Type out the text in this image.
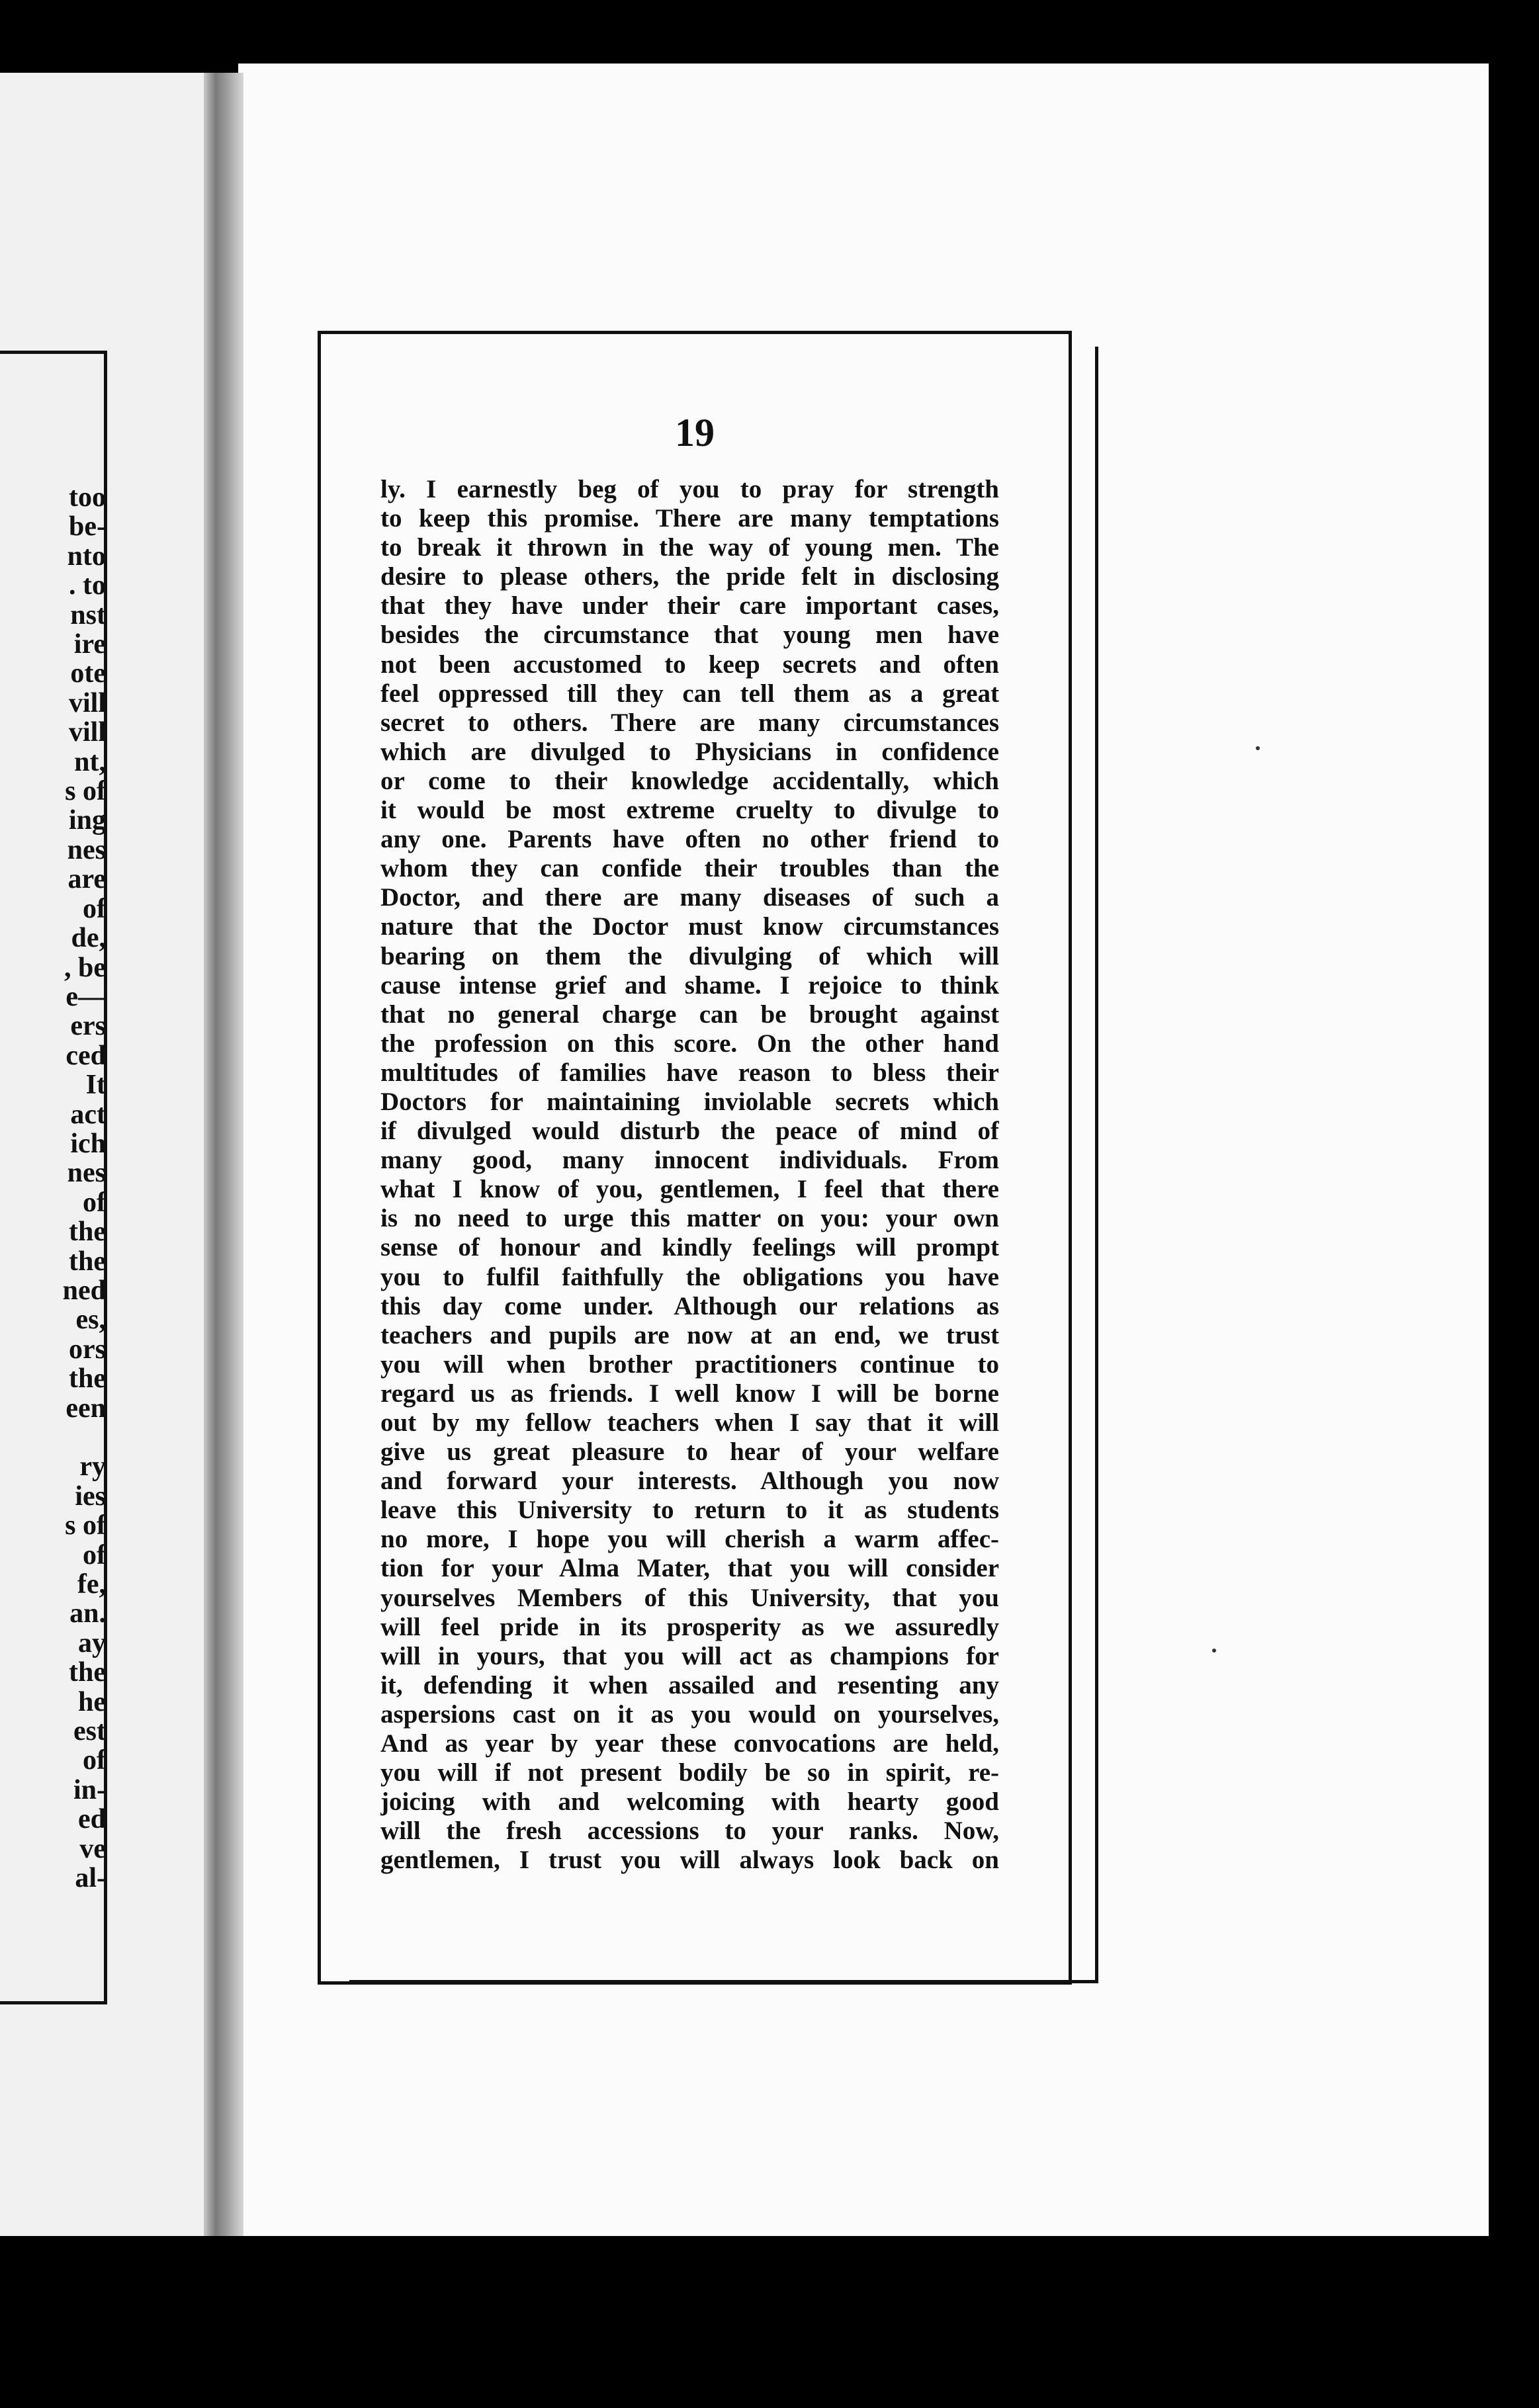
too
be-
nto
. to
nst
ire
ote
vill
vill
nt,
s of
ing
nes
are
of
de,
, be
e—
ers
ced
It
act
ich
nes
of
the
the
ned
es,
ors
the
een
ry
ies
s of
of
fe,
an.
ay
the
he
est
of
in-
ed
ve
al-
19
ly. I earnestly beg of you to pray for strength
to keep this promise. There are many temptations
to break it thrown in the way of young men. The
desire to please others, the pride felt in disclosing
that they have under their care important cases,
besides the circumstance that young men have
not been accustomed to keep secrets and often
feel oppressed till they can tell them as a great
secret to others. There are many circumstances
which are divulged to Physicians in confidence
or come to their knowledge accidentally, which
it would be most extreme cruelty to divulge to
any one. Parents have often no other friend to
whom they can confide their troubles than the
Doctor, and there are many diseases of such a
nature that the Doctor must know circumstances
bearing on them the divulging of which will
cause intense grief and shame. I rejoice to think
that no general charge can be brought against
the profession on this score. On the other hand
multitudes of families have reason to bless their
Doctors for maintaining inviolable secrets which
if divulged would disturb the peace of mind of
many good, many innocent individuals. From
what I know of you, gentlemen, I feel that there
is no need to urge this matter on you: your own
sense of honour and kindly feelings will prompt
you to fulfil faithfully the obligations you have
this day come under. Although our relations as
teachers and pupils are now at an end, we trust
you will when brother practitioners continue to
regard us as friends. I well know I will be borne
out by my fellow teachers when I say that it will
give us great pleasure to hear of your welfare
and forward your interests. Although you now
leave this University to return to it as students
no more, I hope you will cherish a warm affec-
tion for your Alma Mater, that you will consider
yourselves Members of this University, that you
will feel pride in its prosperity as we assuredly
will in yours, that you will act as champions for
it, defending it when assailed and resenting any
aspersions cast on it as you would on yourselves,
And as year by year these convocations are held,
you will if not present bodily be so in spirit, re-
joicing with and welcoming with hearty good
will the fresh accessions to your ranks. Now,
gentlemen, I trust you will always look back on
